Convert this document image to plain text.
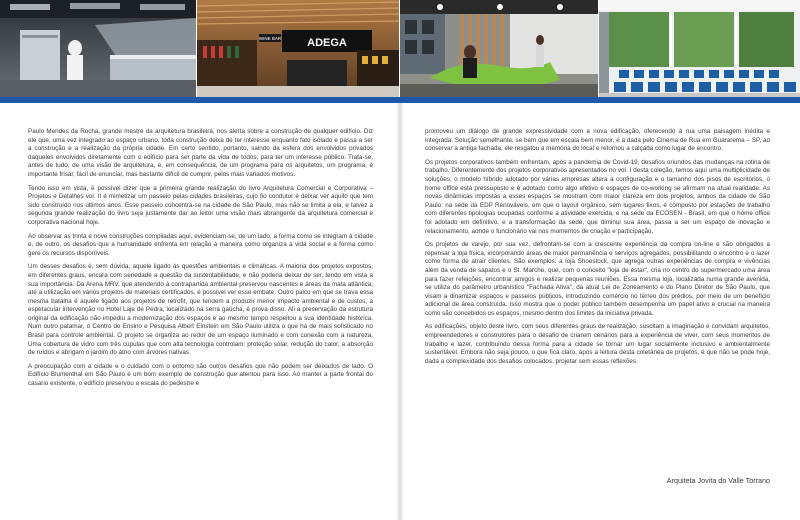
ADEGA
WINE BAR

Paulo Mendes da Rocha, grande mestre da arquitetura brasileira, nos alerta sobre a construção de qualquer edifício. Diz ele que, uma vez integrado ao espaço urbano, toda construção deixa de ter interesse enquanto fato isolado e passa a ser a construção e a realização da própria cidade. Em certo sentido, portanto, saindo da esfera dos envolvidos privados daqueles envolvidos diretamente com o edifício para ser parte da vida de todos, para ter um interesse público. Trata-se, antes de tudo, de uma visão de arquitetura, e, em consequência, de um programa para os arquitetos, um programa, é importante frisar, fácil de enunciar, mas bastante difícil de cumprir, pelos mais variados motivos.

Tendo isso em vista, é possível dizer que a primeira grande realização do livro Arquitetura Comercial e Corporativa – Projetos e Detalhes vol. II é mimetizar um passeio pelas cidades brasileiras, cujo fio condutor é deixar ver aquilo que tem sido construído nos últimos anos. Esse passeio concentra-se na cidade de São Paulo, mas não se limita a ela, e talvez a segunda grande realização do livro seja justamente dar ao leitor uma visão mais abrangente da arquitetura comercial e corporativa nacional hoje.

Ao observar as trinta e nove construções compiladas aqui, evidenciam-se, de um lado, a forma como se integram à cidade e, de outro, os desafios que a humanidade enfrenta em relação à maneira como organiza a vida social e a forma como gere os recursos disponíveis.

Um desses desafios é, sem dúvida, aquele ligado às questões ambientais e climáticas. A maioria dos projetos expostos, em diferentes graus, encara com seriedade a questão da sustentabilidade, e não poderia deixar de ser, tendo em vista a sua importância. Da Arena MRV, que atendendo à contrapartida ambiental preservou nascentes e áreas da mata atlântica, até a utilização em vários projetos de materiais certificados, é possível ver esse embate. Outro palco em que se trava essa mesma batalha é aquele ligado aos projetos de retrofit, que tendem a produzir menor impacto ambiental e de custos, a espetacular intervenção no Hotel Laje de Pedra, localizado na serra gaúcha, é prova disso. Ali a preservação da estrutura original da edificação não impediu a modernização dos espaços e ao mesmo tempo respeitou a sua identidade histórica. Num outro patamar, o Centro de Ensino e Pesquisa Albert Einstein em São Paulo utiliza o que há de mais sofisticado no Brasil para controle ambiental. O projeto se organiza ao redor de um espaço iluminado e com conexão com a natureza. Uma cobertura de vidro com três cúpulas que com alta tecnologia controlam: proteção solar, redução do calor, a absorção de ruídos e abrigam o jardim do átrio com árvores nativas.

A preocupação com a cidade e o cuidado com o entorno são outros desafios que não podem ser deixados de lado. O Edifício Blumenthal em São Paulo é um bom exemplo de construção que atentou para isso. Ao manter a parte frontal do casario existente, o edifício preservou a escala do pedestre e

promoveu um diálogo de grande expressividade com a nova edificação, oferecendo à rua uma paisagem inédita e integrada. Solução semelhante, se bem que em escala bem menor, é a dada pelo Cinema de Rua em Guararema – SP, ao conservar a antiga fachada, ele resgatou a memória do local e retornou a calçada como lugar de encontro.

Os projetos corporativos também enfrentam, após a pandemia de Covid-19, desafios oriundos das mudanças na rotina de trabalho. Diferentemente dos projetos corporativos apresentados no vol. I desta coleção, temos aqui uma multiplicidade de soluções; o modelo híbrido adotado por várias empresas altera a configuração e o tamanho dos pisos de escritórios, o home office está pressuposto e é adotado como algo efetivo e espaços de co-working se afirmam na atual realidade. As novas dinâmicas impostas a esses espaços se mostram com maior clareza em dois projetos, ambos da cidade de São Paulo: na sede da EDP Renováveis, em que o layout orgânico, sem lugares fixos, é composto por estações de trabalho com diferentes tipologias ocupadas conforme a atividade exercida, e na sede da ECOSEN - Brasil, em que o home office foi adotado em definitivo, e a transformação da sede, que diminui sua área, passa a ser um espaço de inovação e relacionamento, aonde o funcionário vai nos momentos de criação e participação.

Os projetos de varejo, por sua vez, defrontam-se com a crescente experiência da compra on-line e são obrigados a repensar a loja física, incorporando áreas de maior permanência e serviços agregados, possibilitando o encontro e o lazer como forma de atrair clientes. São exemplos: a loja Shoestock, que agrega outras experiências de compra e vivências além da venda de sapatos e o St. Marche, que, com o conceito "loja de estar", cria no centro do supermercado uma área para fazer refeições, encontrar amigos e realizar pequenas reuniões. Essa mesma loja, localizada numa grande avenida, se utiliza do parâmetro urbanístico "Fachada Ativa", da atual Lei de Zoneamento e do Plano Diretor de São Paulo, que visam a dinamizar espaços e passeios públicos, introduzindo comércio no térreo dos prédios, por meio de um benefício adicional de área construída. Isso mostra que o poder público também desempenha um papel ativo e crucial na maneira como são concebidos os espaços, mesmo dentro dos limites da iniciativa privada.

As edificações, objeto deste livro, com seus diferentes graus de realização, suscitam a imaginação e convidam arquitetos, empreendedores e construtores para o desafio de criarem cenários para a experiência de viver, com seus momentos de trabalho e lazer, contribuindo dessa forma para a cidade se tornar um lugar socialmente inclusivo e ambientalmente sustentável. Embora não seja pouco, o que fica claro, após a leitura desta coletânea de projetos, é que não se pode hoje, dada a complexidade dos desafios colocados, projetar sem essas reflexões.

Arquiteta Jovita do Valle Torrano
